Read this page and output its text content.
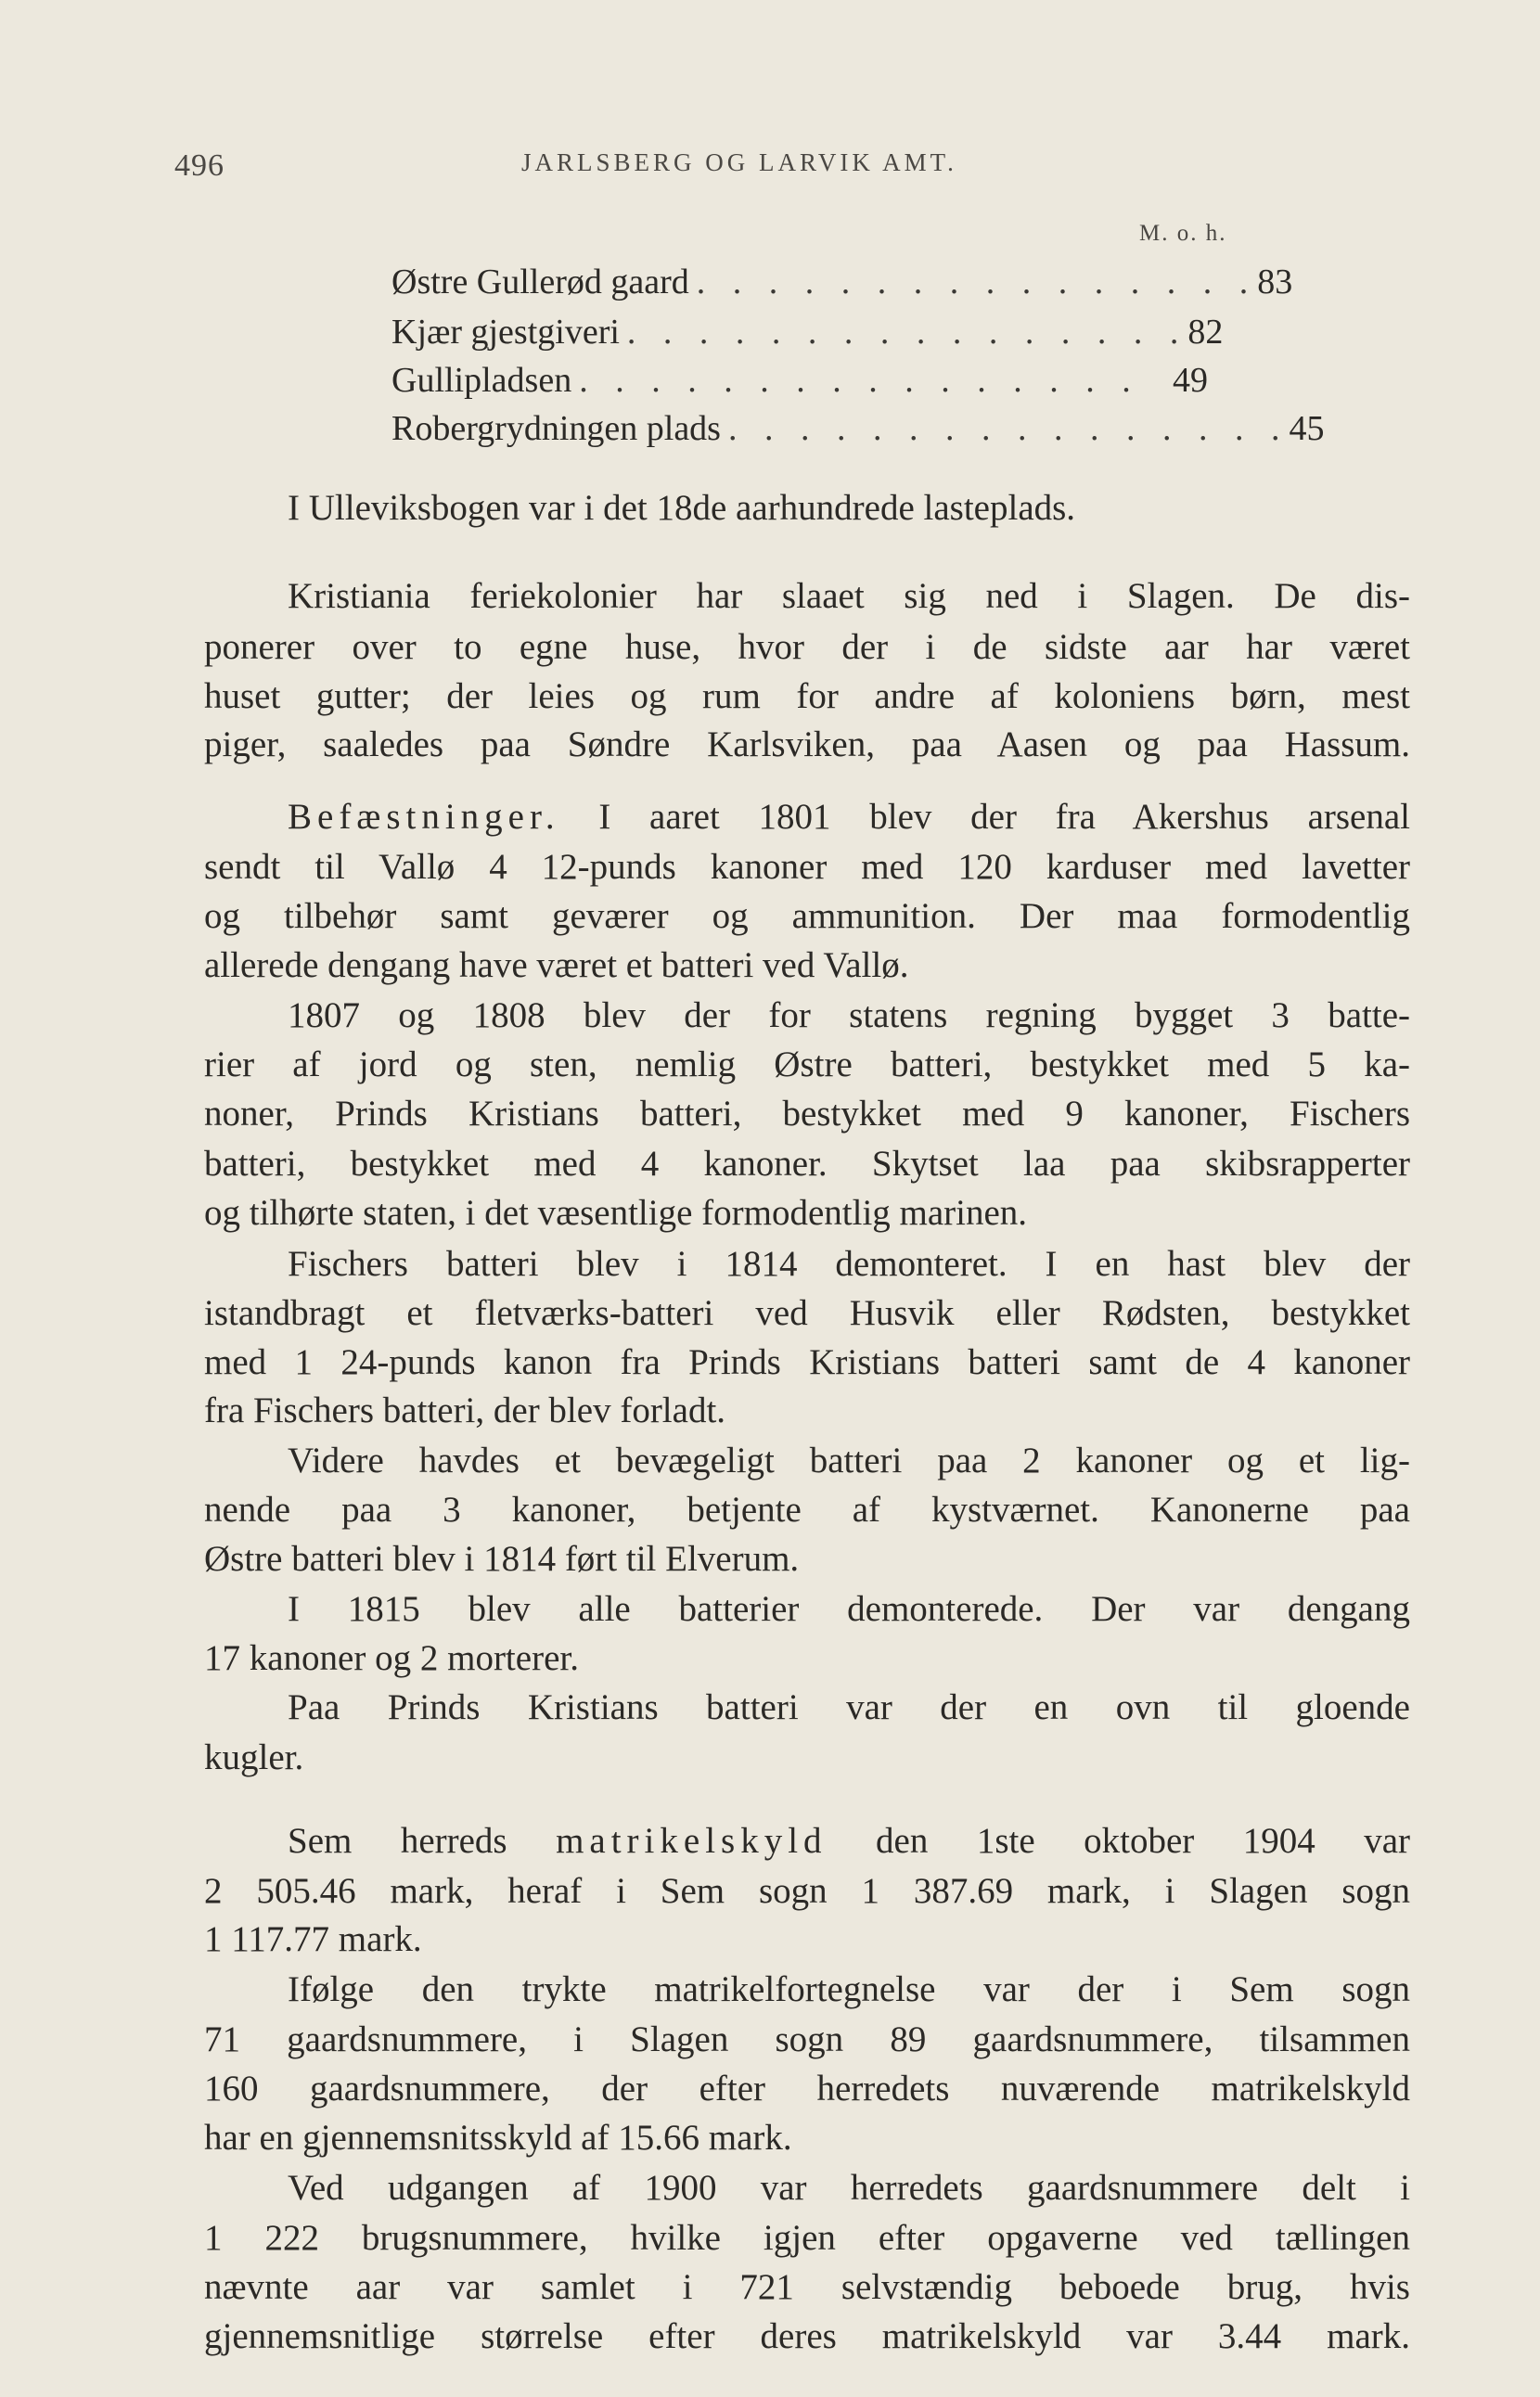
496	JARLSBERG OG LARVIK AMT.
M. o. h.
Østre Gullerød gaard . . . . . . . . . . . . . . . . 83
Kjær gjestgiveri . . . . . . . . . . . . . . . . 82
Gullipladsen . . . . . . . . . . . . . . . . 49
Robergrydningen plads . . . . . . . . . . . . . . . . 45
I Ulleviksbogen var i det 18de aarhundrede lasteplads.
Kristiania feriekolonier har slaaet sig ned i Slagen. De dis-
ponerer over to egne huse, hvor der i de sidste aar har været
huset gutter; der leies og rum for andre af koloniens børn, mest
piger, saaledes paa Søndre Karlsviken, paa Aasen og paa Hassum.
Befæstninger. I aaret 1801 blev der fra Akershus arsenal
sendt til Vallø 4 12-punds kanoner med 120 karduser med lavetter
og tilbehør samt geværer og ammunition. Der maa formodentlig
allerede dengang have været et batteri ved Vallø.
1807 og 1808 blev der for statens regning bygget 3 batte-
rier af jord og sten, nemlig Østre batteri, bestykket med 5 ka-
noner, Prinds Kristians batteri, bestykket med 9 kanoner, Fischers
batteri, bestykket med 4 kanoner. Skytset laa paa skibsrapperter
og tilhørte staten, i det væsentlige formodentlig marinen.
Fischers batteri blev i 1814 demonteret. I en hast blev der
istandbragt et fletværks-batteri ved Husvik eller Rødsten, bestykket
med 1 24-punds kanon fra Prinds Kristians batteri samt de 4 kanoner
fra Fischers batteri, der blev forladt.
Videre havdes et bevægeligt batteri paa 2 kanoner og et lig-
nende paa 3 kanoner, betjente af kystværnet. Kanonerne paa
Østre batteri blev i 1814 ført til Elverum.
I 1815 blev alle batterier demonterede. Der var dengang
17 kanoner og 2 morterer.
Paa Prinds Kristians batteri var der en ovn til gloende
kugler.
Sem herreds matrikelskyld den 1ste oktober 1904 var
2 505.46 mark, heraf i Sem sogn 1 387.69 mark, i Slagen sogn
1 117.77 mark.
Ifølge den trykte matrikelfortegnelse var der i Sem sogn
71 gaardsnummere, i Slagen sogn 89 gaardsnummere, tilsammen
160 gaardsnummere, der efter herredets nuværende matrikelskyld
har en gjennemsnitsskyld af 15.66 mark.
Ved udgangen af 1900 var herredets gaardsnummere delt i
1 222 brugsnummere, hvilke igjen efter opgaverne ved tællingen
nævnte aar var samlet i 721 selvstændig beboede brug, hvis
gjennemsnitlige størrelse efter deres matrikelskyld var 3.44 mark.
